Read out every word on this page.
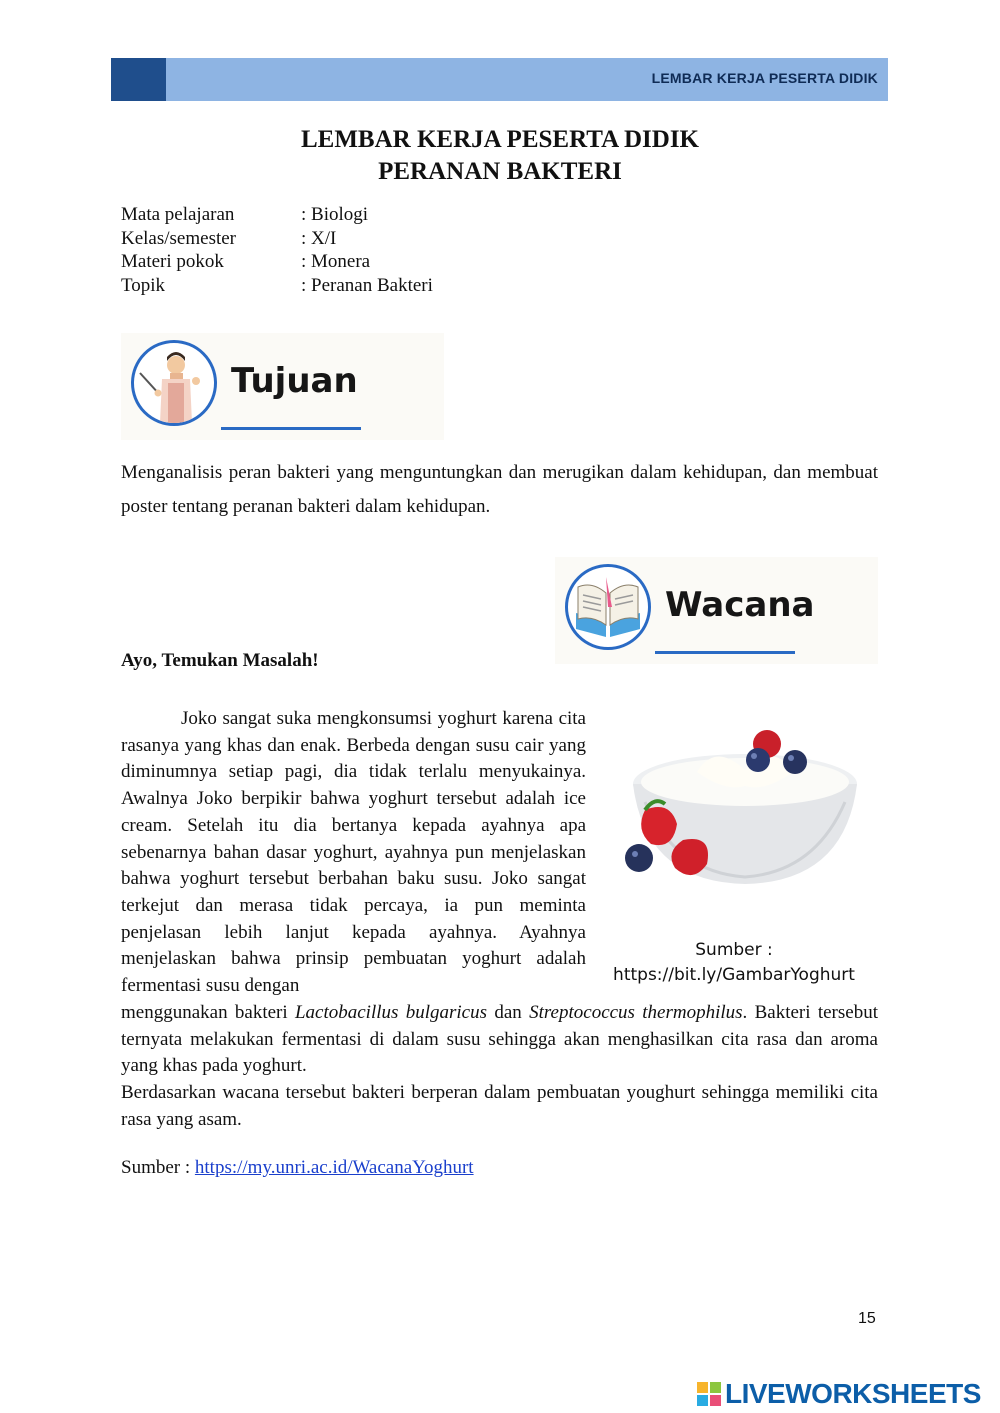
LEMBAR KERJA PESERTA DIDIK
LEMBAR KERJA PESERTA DIDIK
PERANAN BAKTERI
Mata pelajaran	: Biologi
Kelas/semester	: X/I
Materi pokok	: Monera
Topik	: Peranan Bakteri
Tujuan
Menganalisis peran bakteri yang menguntungkan dan merugikan dalam kehidupan, dan membuat poster tentang peranan bakteri dalam kehidupan.
Wacana
Ayo, Temukan Masalah!
Joko sangat suka mengkonsumsi yoghurt karena cita rasanya yang khas dan enak. Berbeda dengan susu cair yang diminumnya setiap pagi, dia tidak terlalu menyukainya. Awalnya Joko berpikir bahwa yoghurt tersebut adalah ice cream. Setelah itu dia bertanya kepada ayahnya apa sebenarnya bahan dasar yoghurt, ayahnya pun menjelaskan bahwa yoghurt tersebut berbahan baku susu. Joko sangat terkejut dan merasa tidak percaya, ia pun meminta penjelasan lebih lanjut kepada ayahnya. Ayahnya menjelaskan bahwa prinsip pembuatan yoghurt adalah fermentasi susu dengan
Sumber :
https://bit.ly/GambarYoghurt
menggunakan bakteri Lactobacillus bulgaricus dan Streptococcus thermophilus. Bakteri tersebut ternyata melakukan fermentasi di dalam susu sehingga akan menghasilkan cita rasa dan aroma yang khas pada yoghurt.
Berdasarkan wacana tersebut bakteri berperan dalam pembuatan youghurt sehingga memiliki cita rasa yang asam.
Sumber : https://my.unri.ac.id/WacanaYoghurt
15
LIVEWORKSHEETS
